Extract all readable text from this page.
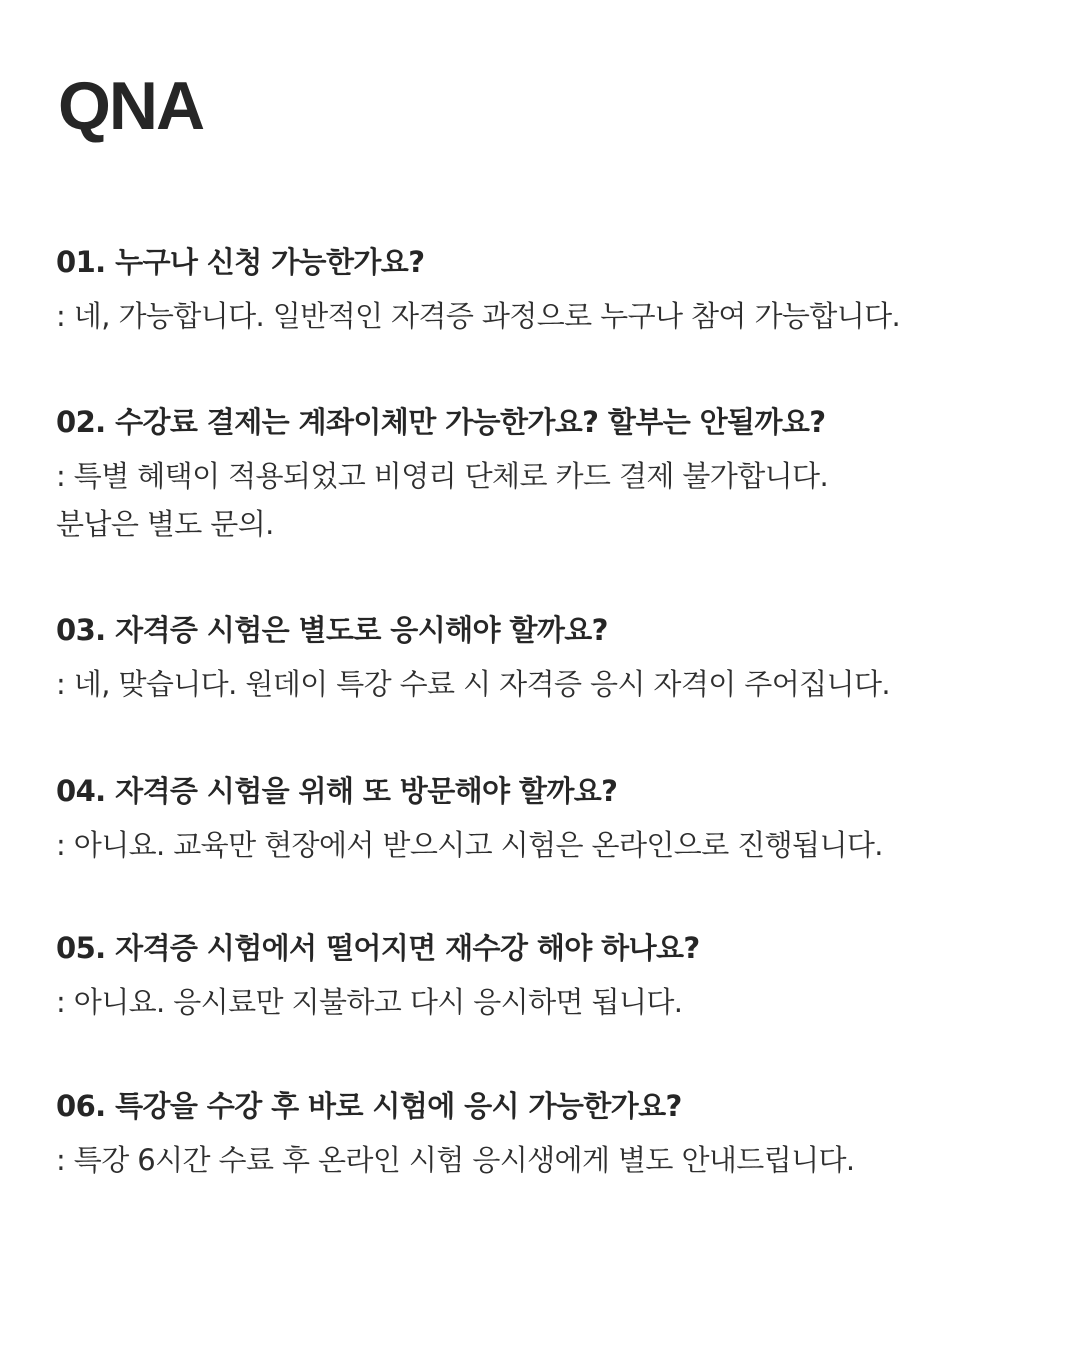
QNA

01. 누구나 신청 가능한가요?

: 네, 가능합니다. 일반적인 자격증 과정으로 누구나 참여 가능합니다.

02. 수강료 결제는 계좌이체만 가능한가요? 할부는 안될까요?

: 특별 혜택이 적용되었고 비영리 단체로 카드 결제 불가합니다.
분납은 별도 문의.

03. 자격증 시험은 별도로 응시해야 할까요?

: 네, 맞습니다. 원데이 특강 수료 시 자격증 응시 자격이 주어집니다.

04. 자격증 시험을 위해 또 방문해야 할까요?

: 아니요. 교육만 현장에서 받으시고 시험은 온라인으로 진행됩니다.

05. 자격증 시험에서 떨어지면 재수강 해야 하나요?

: 아니요. 응시료만 지불하고 다시 응시하면 됩니다.

06. 특강을 수강 후 바로 시험에 응시 가능한가요?

: 특강 6시간 수료 후 온라인 시험 응시생에게 별도 안내드립니다.
